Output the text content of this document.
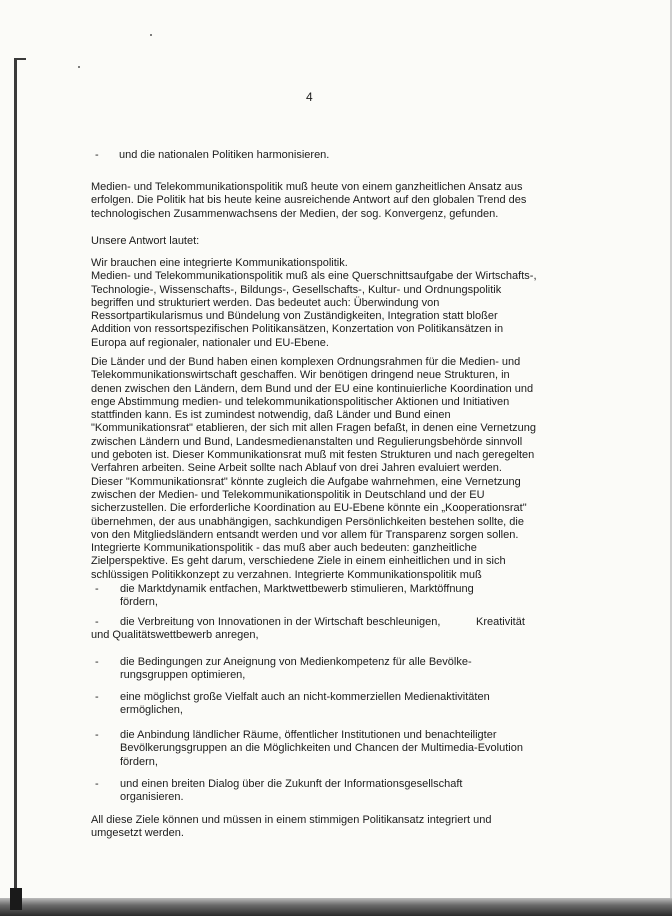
4
- und die nationalen Politiken harmonisieren.
Medien- und Telekommunikationspolitik muß heute von einem ganzheitlichen Ansatz aus
erfolgen. Die Politik hat bis heute keine ausreichende Antwort auf den globalen Trend des
technologischen Zusammenwachsens der Medien, der sog. Konvergenz, gefunden.
Unsere Antwort lautet:
Wir brauchen eine integrierte Kommunikationspolitik.
Medien- und Telekommunikationspolitik muß als eine Querschnittsaufgabe der Wirtschafts-,
Technologie-, Wissenschafts-, Bildungs-, Gesellschafts-, Kultur- und Ordnungspolitik
begriffen und strukturiert werden. Das bedeutet auch: Überwindung von
Ressortpartikularismus und Bündelung von Zuständigkeiten, Integration statt bloßer
Addition von ressortspezifischen Politikansätzen, Konzertation von Politikansätzen in
Europa auf regionaler, nationaler und EU-Ebene.
Die Länder und der Bund haben einen komplexen Ordnungsrahmen für die Medien- und
Telekommunikationswirtschaft geschaffen. Wir benötigen dringend neue Strukturen, in
denen zwischen den Ländern, dem Bund und der EU eine kontinuierliche Koordination und
enge Abstimmung medien- und telekommunikationspolitischer Aktionen und Initiativen
stattfinden kann. Es ist zumindest notwendig, daß Länder und Bund einen
"Kommunikationsrat" etablieren, der sich mit allen Fragen befaßt, in denen eine Vernetzung
zwischen Ländern und Bund, Landesmedienanstalten und Regulierungsbehörde sinnvoll
und geboten ist. Dieser Kommunikationsrat muß mit festen Strukturen und nach geregelten
Verfahren arbeiten. Seine Arbeit sollte nach Ablauf von drei Jahren evaluiert werden.
Dieser "Kommunikationsrat" könnte zugleich die Aufgabe wahrnehmen, eine Vernetzung
zwischen der Medien- und Telekommunikationspolitik in Deutschland und der EU
sicherzustellen. Die erforderliche Koordination au EU-Ebene könnte ein „Kooperationsrat"
übernehmen, der aus unabhängigen, sachkundigen Persönlichkeiten bestehen sollte, die
von den Mitgliedsländern entsandt werden und vor allem für Transparenz sorgen sollen.
Integrierte Kommunikationspolitik - das muß aber auch bedeuten: ganzheitliche
Zielperspektive. Es geht darum, verschiedene Ziele in einem einheitlichen und in sich
schlüssigen Politikkonzept zu verzahnen. Integrierte Kommunikationspolitik muß
- die Marktdynamik entfachen, Marktwettbewerb stimulieren, Marktöffnung
fördern,
- die Verbreitung von Innovationen in der Wirtschaft beschleunigen,	Kreativität
und Qualitätswettbewerb anregen,
- die Bedingungen zur Aneignung von Medienkompetenz für alle Bevölke-
rungsgruppen optimieren,
- eine möglichst große Vielfalt auch an nicht-kommerziellen Medienaktivitäten
ermöglichen,
- die Anbindung ländlicher Räume, öffentlicher Institutionen und benachteiligter
Bevölkerungsgruppen an die Möglichkeiten und Chancen der Multimedia-Evolution
fördern,
- und einen breiten Dialog über die Zukunft der Informationsgesellschaft
organisieren.
All diese Ziele können und müssen in einem stimmigen Politikansatz integriert und
umgesetzt werden.
